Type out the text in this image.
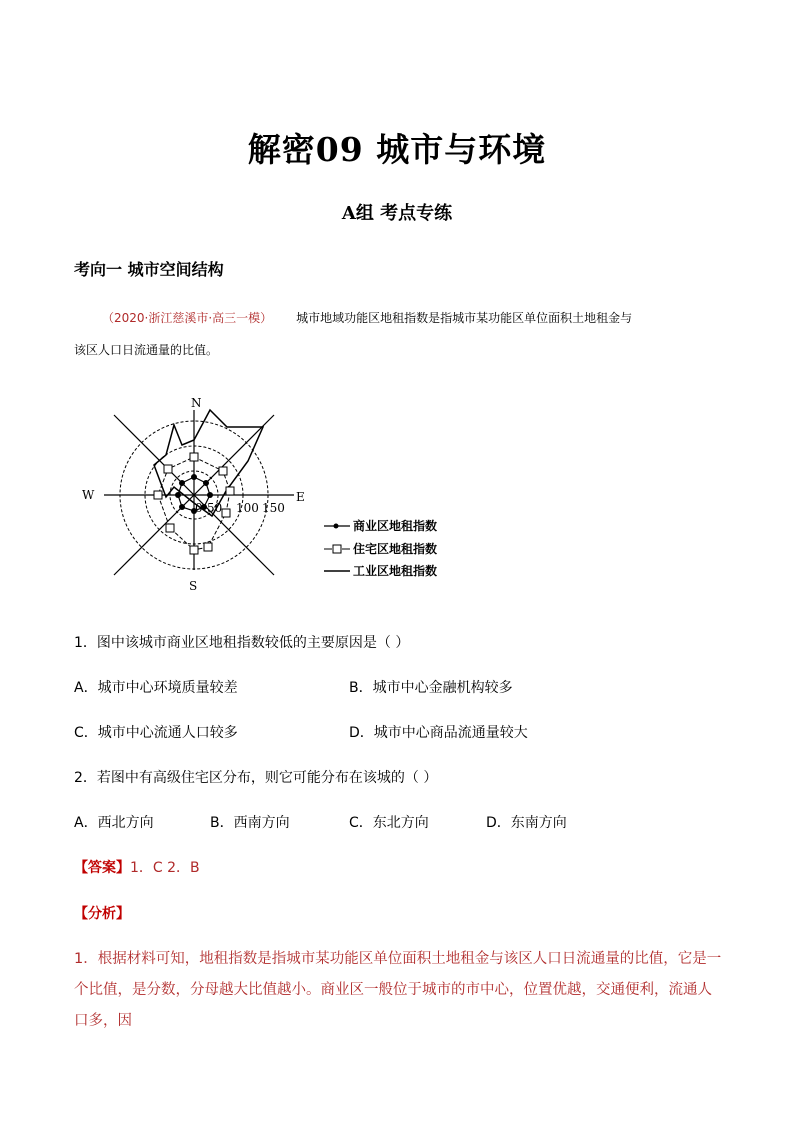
解密09 城市与环境
A组 考点专练
考向一 城市空间结构
（2020·浙江慈溪市·高三一模） 城市地域功能区地租指数是指城市某功能区单位面积土地租金与
该区人口日流通量的比值。
N
S
E
W
0 50 100 150
商业区地租指数
住宅区地租指数
工业区地租指数
1．图中该城市商业区地租指数较低的主要原因是（ ）
A．城市中心环境质量较差	B．城市中心金融机构较多
C．城市中心流通人口较多	D．城市中心商品流通量较大
2．若图中有高级住宅区分布，则它可能分布在该城的（ ）
A．西北方向	B．西南方向	C．东北方向	D．东南方向
【答案】1．C 2．B
【分析】
1．根据材料可知，地租指数是指城市某功能区单位面积土地租金与该区人口日流通量的比值，它是一个比值，是分数，分母越大比值越小。商业区一般位于城市的市中心，位置优越，交通便利，流通人口多，因
